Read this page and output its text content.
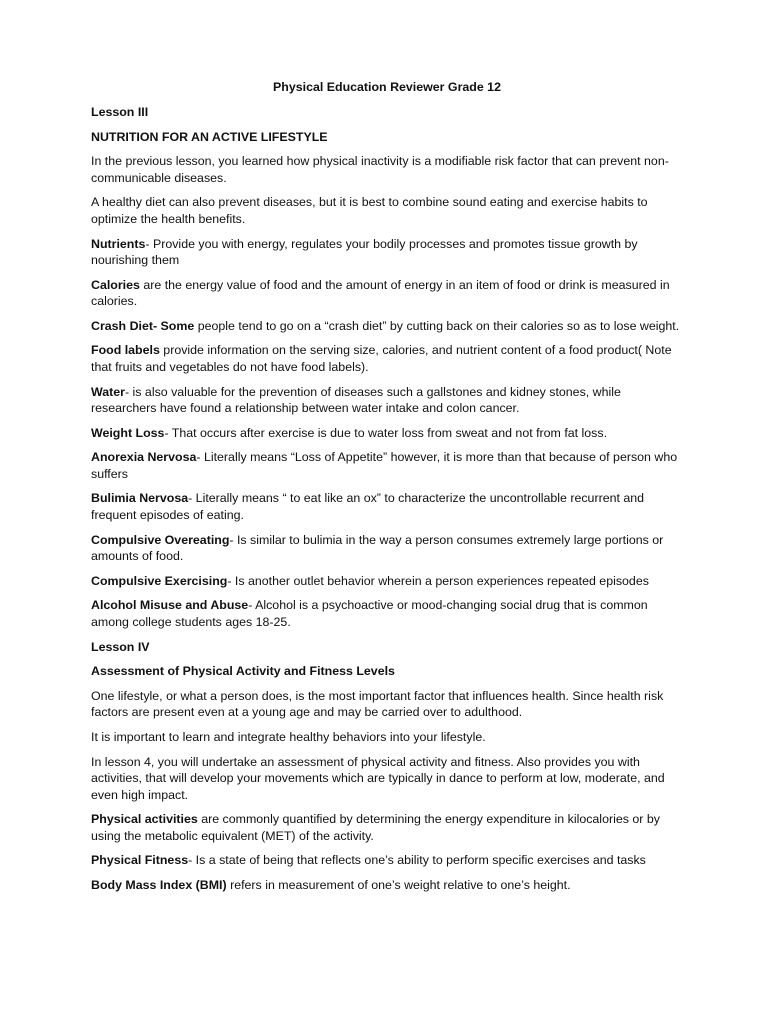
Physical Education Reviewer Grade 12
Lesson III
NUTRITION FOR AN ACTIVE LIFESTYLE

In the previous lesson, you learned how physical inactivity is a modifiable risk factor that can prevent non-communicable diseases.

A healthy diet can also prevent diseases, but it is best to combine sound eating and exercise habits to optimize the health benefits.

Nutrients- Provide you with energy, regulates your bodily processes and promotes tissue growth by nourishing them

Calories are the energy value of food and the amount of energy in an item of food or drink is measured in calories.

Crash Diet- Some people tend to go on a “crash diet” by cutting back on their calories so as to lose weight.

Food labels provide information on the serving size, calories, and nutrient content of a food product( Note that fruits and vegetables do not have food labels).

Water- is also valuable for the prevention of diseases such a gallstones and kidney stones, while researchers have found a relationship between water intake and colon cancer.

Weight Loss- That occurs after exercise is due to water loss from sweat and not from fat loss.

Anorexia Nervosa- Literally means “Loss of Appetite” however, it is more than that because of person who suffers

Bulimia Nervosa- Literally means “ to eat like an ox” to characterize the uncontrollable recurrent and frequent episodes of eating.

Compulsive Overeating- Is similar to bulimia in the way a person consumes extremely large portions or amounts of food.

Compulsive Exercising- Is another outlet behavior wherein a person experiences repeated episodes

Alcohol Misuse and Abuse- Alcohol is a psychoactive or mood-changing social drug that is common among college students ages 18-25.

Lesson IV
Assessment of Physical Activity and Fitness Levels

One lifestyle, or what a person does, is the most important factor that influences health. Since health risk factors are present even at a young age and may be carried over to adulthood.

It is important to learn and integrate healthy behaviors into your lifestyle.

In lesson 4, you will undertake an assessment of physical activity and fitness. Also provides you with activities, that will develop your movements which are typically in dance to perform at low, moderate, and even high impact.

Physical activities are commonly quantified by determining the energy expenditure in kilocalories or by using the metabolic equivalent (MET) of the activity.

Physical Fitness- Is a state of being that reflects one’s ability to perform specific exercises and tasks

Body Mass Index (BMI) refers in measurement of one’s weight relative to one’s height.
